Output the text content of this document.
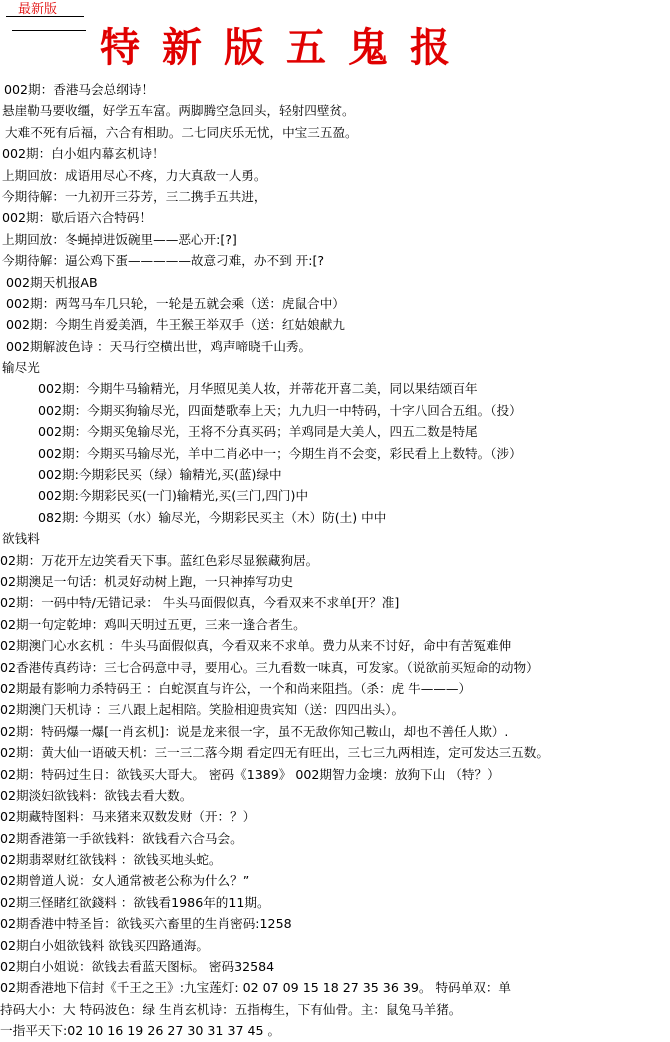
最新版
特新版五鬼报
002期：香港马会总纲诗！
悬崖勒马要收缰，好学五车富。两脚腾空急回头，轻射四壁贫。
大难不死有后福，六合有相助。二七同庆乐无忧，中宝三五盈。
002期：白小姐内幕玄机诗！
上期回放：成语用尽心不疼，力大真敌一人勇。
今期待解：一九初开三芬芳，三二携手五共进，
002期：歇后语六合特码！
上期回放：冬蝇掉进饭碗里——恶心开:[?]
今期待解：逼公鸡下蛋—————故意刁难，办不到 开:[?
002期天机报AB
002期：两驾马车几只轮，一轮是五就会乘（送：虎鼠合中）
002期：今期生肖爱美酒，牛王猴王举双手（送：红姑娘献九
002期解波色诗 ：天马行空横出世，鸡声啼晓千山秀。
输尽光
002期：今期牛马输精光，月华照见美人妆，并蒂花开喜二美，同以果结颂百年
002期：今期买狗输尽光，四面楚歌奉上天；九九归一中特码，十字八回合五组。（投）
002期：今期买兔输尽光，王将不分真买码；羊鸡同是大美人，四五二数是特尾
002期：今期买马输尽光，羊中二肖必中一；今期生肖不会变，彩民看上上数特。（涉）
002期:今期彩民买（绿）输精光,买(蓝)绿中
002期:今期彩民买(一门)输精光,买(三门,四门)中
082期: 今期买（水）输尽光，今期彩民买主（木）防(土) 中中
欲钱料
02期：万花开左边笑看天下事。蓝红色彩尽显猴藏狗居。
02期澳足一句话：机灵好动树上跑，一只神捧写功史
02期：一码中特/无错记录： 牛头马面假似真，今看双来不求单[开？准]
02期一句定乾坤：鸡叫天明过五更，三来一逢合者生。
02期澳门心水玄机 ：牛头马面假似真，今看双来不求单。费力从来不讨好，命中有苦冤难伸
02香港传真药诗：三七合码意中寻，要用心。三九看数一味真，可发家。（说欲前买短命的动物）
02期最有影响力杀特码王 ：白蛇溟直与许公，一个和尚来阻挡。（杀：虎 牛———）
02期澳门天机诗 ：三八跟上起相陪。笑脸相迎贵宾知（送：四四出头）。
02期：特码爆一爆[一肖玄机]：说是龙来很一字，虽不无敌你知己鞍山，却也不善任人欺）.
02期：黄大仙一语破天机：三一三二落今期 看定四无有旺出，三七三九两相连，定可发达三五数。
02期：特码过生日：欲钱买大哥大。 密码《1389》 002期智力金墺：放狗下山 （特？）
02期淡妇欲钱料：欲钱去看大数。
02期藏特图料：马来猪来双数发财（开：？）
02期香港第一手欲钱料：欲钱看六合马会。
02期翡翠财红欲钱料 ：欲钱买地头蛇。
02期曾道人说：女人通常被老公称为什么？”
02期三怪睹红欲錢料 ：欲钱看1986年的11期。
02期香港中特圣旨：欲钱买六畜里的生肖密码:1258
02期白小姐欲钱料 欲钱买四路通海。
02期白小姐说：欲钱去看蓝天图标。 密码32584
02期香港地下信封《千王之王》:九宝莲灯: 02 07 09 15 18 27 35 36 39。 特码单双：单
持码大小：大 特码波色：绿 生肖玄机诗：五指梅生，下有仙骨。主：鼠兔马羊猪。
一指平天下:02 10 16 19 26 27 30 31 37 45 。
